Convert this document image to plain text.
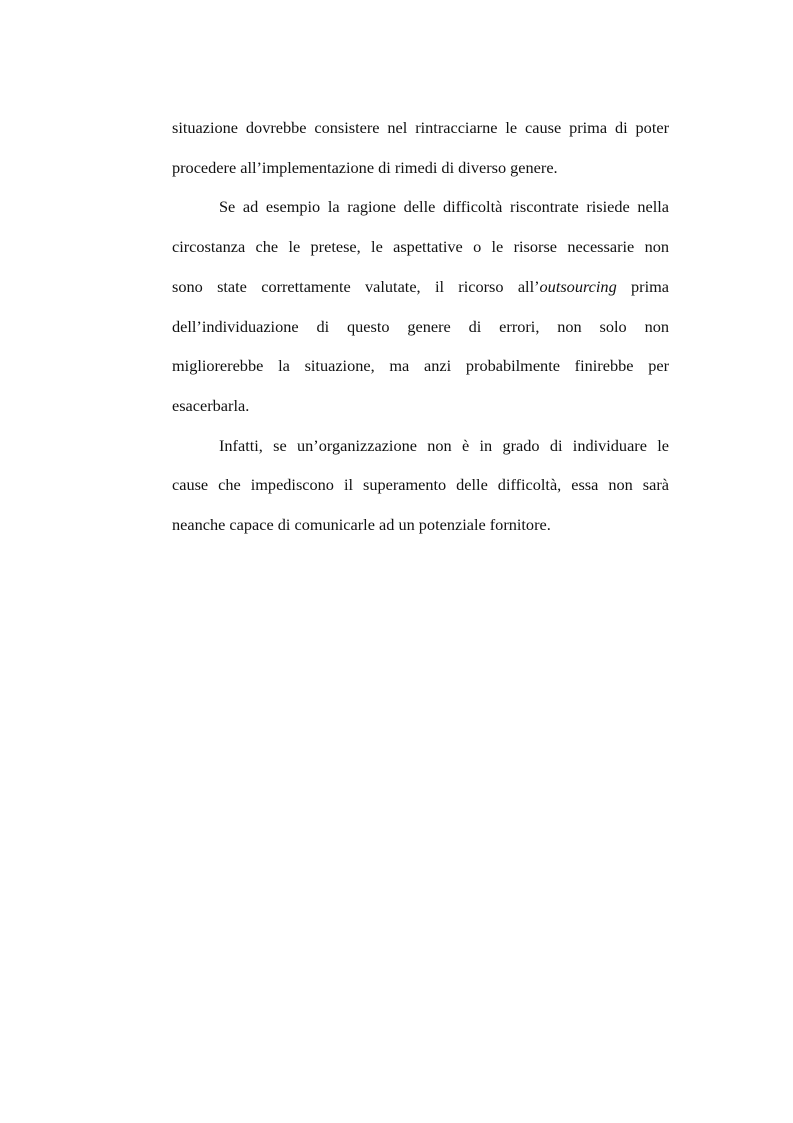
situazione dovrebbe consistere nel rintracciarne le cause prima di poter
procedere all’implementazione di rimedi di diverso genere.

Se ad esempio la ragione delle difficoltà riscontrate risiede nella
circostanza che le pretese, le aspettative o le risorse necessarie non
sono state correttamente valutate, il ricorso all’outsourcing prima
dell’individuazione di questo genere di errori, non solo non
migliorerebbe la situazione, ma anzi probabilmente finirebbe per
esacerbarla.

Infatti, se un’organizzazione non è in grado di individuare le
cause che impediscono il superamento delle difficoltà, essa non sarà
neanche capace di comunicarle ad un potenziale fornitore.
